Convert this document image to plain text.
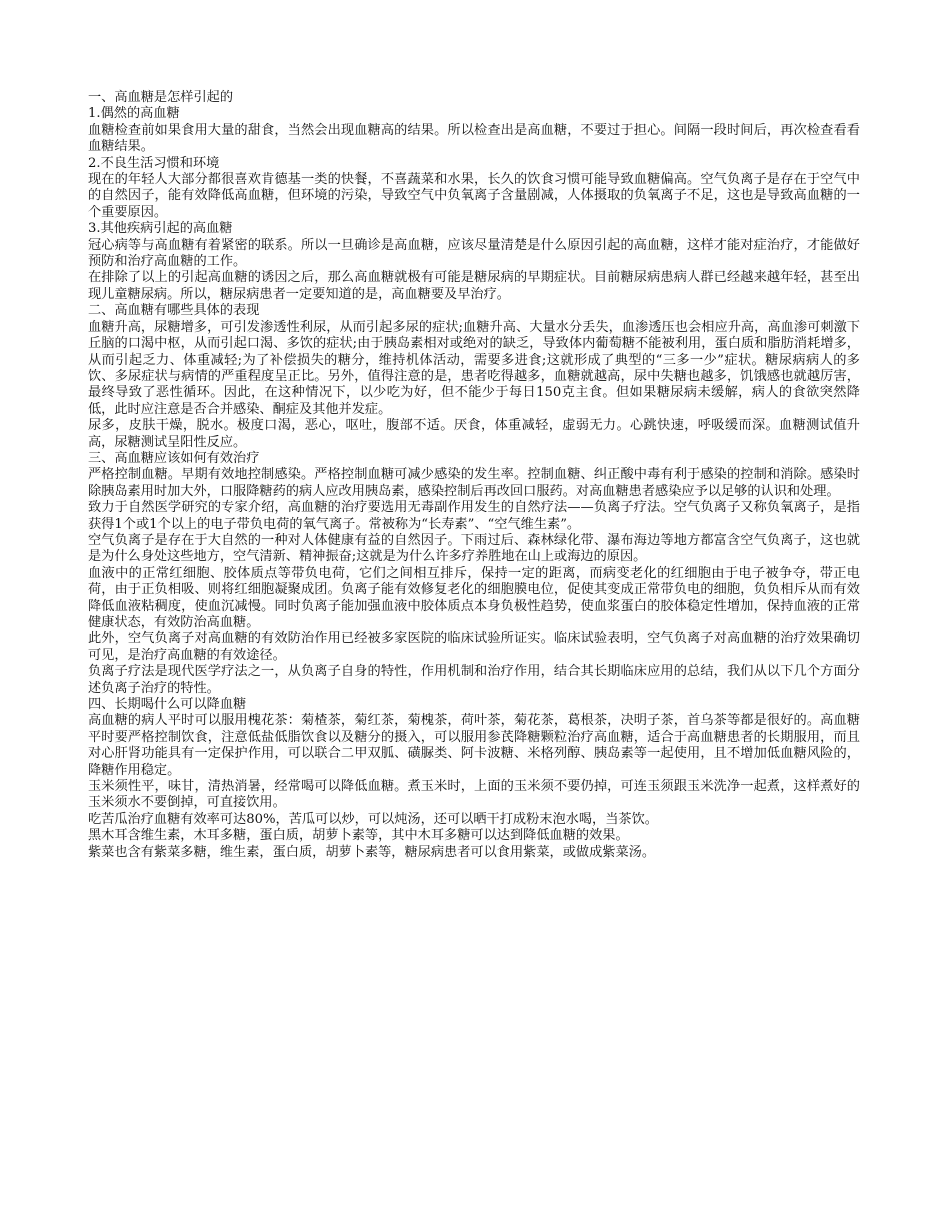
一、高血糖是怎样引起的

1.偶然的高血糖

血糖检查前如果食用大量的甜食，当然会出现血糖高的结果。所以检查出是高血糖，不要过于担心。间隔一段时间后，再次检查看看血糖结果。

2.不良生活习惯和环境

现在的年轻人大部分都很喜欢肯德基一类的快餐，不喜蔬菜和水果，长久的饮食习惯可能导致血糖偏高。空气负离子是存在于空气中的自然因子，能有效降低高血糖，但环境的污染，导致空气中负氧离子含量剧减，人体摄取的负氧离子不足，这也是导致高血糖的一个重要原因。

3.其他疾病引起的高血糖

冠心病等与高血糖有着紧密的联系。所以一旦确诊是高血糖，应该尽量清楚是什么原因引起的高血糖，这样才能对症治疗，才能做好预防和治疗高血糖的工作。

在排除了以上的引起高血糖的诱因之后，那么高血糖就极有可能是糖尿病的早期症状。目前糖尿病患病人群已经越来越年轻，甚至出现儿童糖尿病。所以，糖尿病患者一定要知道的是，高血糖要及早治疗。

二、高血糖有哪些具体的表现

血糖升高，尿糖增多，可引发渗透性利尿，从而引起多尿的症状;血糖升高、大量水分丢失，血渗透压也会相应升高，高血渗可刺激下丘脑的口渴中枢，从而引起口渴、多饮的症状;由于胰岛素相对或绝对的缺乏，导致体内葡萄糖不能被利用，蛋白质和脂肪消耗增多，从而引起乏力、体重减轻;为了补偿损失的糖分，维持机体活动，需要多进食;这就形成了典型的“三多一少”症状。糖尿病病人的多饮、多尿症状与病情的严重程度呈正比。另外，值得注意的是，患者吃得越多，血糖就越高，尿中失糖也越多，饥饿感也就越厉害，最终导致了恶性循环。因此，在这种情况下，以少吃为好，但不能少于每日150克主食。但如果糖尿病未缓解，病人的食欲突然降低，此时应注意是否合并感染、酮症及其他并发症。

尿多，皮肤干燥，脱水。极度口渴，恶心，呕吐，腹部不适。厌食，体重减轻，虚弱无力。心跳快速，呼吸缓而深。血糖测试值升高，尿糖测试呈阳性反应。

三、高血糖应该如何有效治疗

严格控制血糖。早期有效地控制感染。严格控制血糖可减少感染的发生率。控制血糖、纠正酸中毒有利于感染的控制和消除。感染时除胰岛素用时加大外，口服降糖药的病人应改用胰岛素，感染控制后再改回口服药。对高血糖患者感染应予以足够的认识和处理。

致力于自然医学研究的专家介绍，高血糖的治疗要选用无毒副作用发生的自然疗法——负离子疗法。空气负离子又称负氧离子，是指获得1个或1个以上的电子带负电荷的氧气离子。常被称为“长寿素”、“空气维生素”。

空气负离子是存在于大自然的一种对人体健康有益的自然因子。下雨过后、森林绿化带、瀑布海边等地方都富含空气负离子，这也就是为什么身处这些地方，空气清新、精神振奋;这就是为什么许多疗养胜地在山上或海边的原因。

血液中的正常红细胞、胶体质点等带负电荷，它们之间相互排斥，保持一定的距离，而病变老化的红细胞由于电子被争夺，带正电荷，由于正负相吸、则将红细胞凝聚成团。负离子能有效修复老化的细胞膜电位，促使其变成正常带负电的细胞，负负相斥从而有效降低血液粘稠度，使血沉减慢。同时负离子能加强血液中胶体质点本身负极性趋势，使血浆蛋白的胶体稳定性增加，保持血液的正常健康状态，有效防治高血糖。

此外，空气负离子对高血糖的有效防治作用已经被多家医院的临床试验所证实。临床试验表明，空气负离子对高血糖的治疗效果确切可见，是治疗高血糖的有效途径。

负离子疗法是现代医学疗法之一，从负离子自身的特性，作用机制和治疗作用，结合其长期临床应用的总结，我们从以下几个方面分述负离子治疗的特性。

四、长期喝什么可以降血糖

高血糖的病人平时可以服用槐花茶：菊楂茶，菊红茶，菊槐茶，荷叶茶，菊花茶，葛根茶，决明子茶，首乌茶等都是很好的。高血糖平时要严格控制饮食，注意低盐低脂饮食以及糖分的摄入，可以服用参芪降糖颗粒治疗高血糖，适合于高血糖患者的长期服用，而且对心肝肾功能具有一定保护作用，可以联合二甲双胍、磺脲类、阿卡波糖、米格列醇、胰岛素等一起使用，且不增加低血糖风险的，降糖作用稳定。

玉米须性平，味甘，清热消暑，经常喝可以降低血糖。煮玉米时，上面的玉米须不要仍掉，可连玉须跟玉米洗净一起煮，这样煮好的玉米须水不要倒掉，可直接饮用。

吃苦瓜治疗血糖有效率可达80%，苦瓜可以炒，可以炖汤，还可以晒干打成粉末泡水喝，当茶饮。

黑木耳含维生素，木耳多糖，蛋白质，胡萝卜素等，其中木耳多糖可以达到降低血糖的效果。

紫菜也含有紫菜多糖，维生素，蛋白质，胡萝卜素等，糖尿病患者可以食用紫菜，或做成紫菜汤。
